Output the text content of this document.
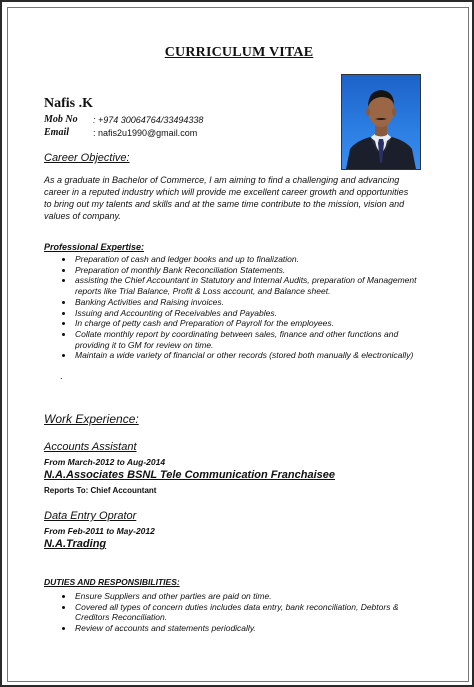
CURRICULUM VITAE
Nafis .K
Mob No : +974 30064764/33494338
Email	: nafis2u1990@gmail.com
Career Objective:
As a graduate in Bachelor of Commerce, I am aiming to find a challenging and advancing
career in a reputed industry which will provide me excellent career growth and opportunities
to bring out my talents and skills and at the same time contribute to the mission, vision and
values of company.
Professional Expertise:
Preparation of cash and ledger books and up to finalization.
Preparation of monthly Bank Reconciliation Statements.
assisting the Chief Accountant in Statutory and Internal Audits, preparation of Management
reports like Trial Balance, Profit & Loss account, and Balance sheet.
Banking Activities and Raising invoices.
Issuing and Accounting of Receivables and Payables.
In charge of petty cash and Preparation of Payroll for the employees.
Collate monthly report by coordinating between sales, finance and other functions and
providing it to GM for review on time.
Maintain a wide variety of financial or other records (stored both manually & electronically)
.
Work Experience:
Accounts Assistant
From March-2012 to Aug-2014
N.A.Associates BSNL Tele Communication Franchaisee
Reports To: Chief Accountant
Data Entry Oprator
From Feb-2011 to May-2012
N.A.Trading
DUTIES AND RESPONSIBILITIES:
Ensure Suppliers and other parties are paid on time.
Covered all types of concern duties includes data entry, bank reconciliation, Debtors &
Creditors Reconciliation.
Review of accounts and statements periodically.
